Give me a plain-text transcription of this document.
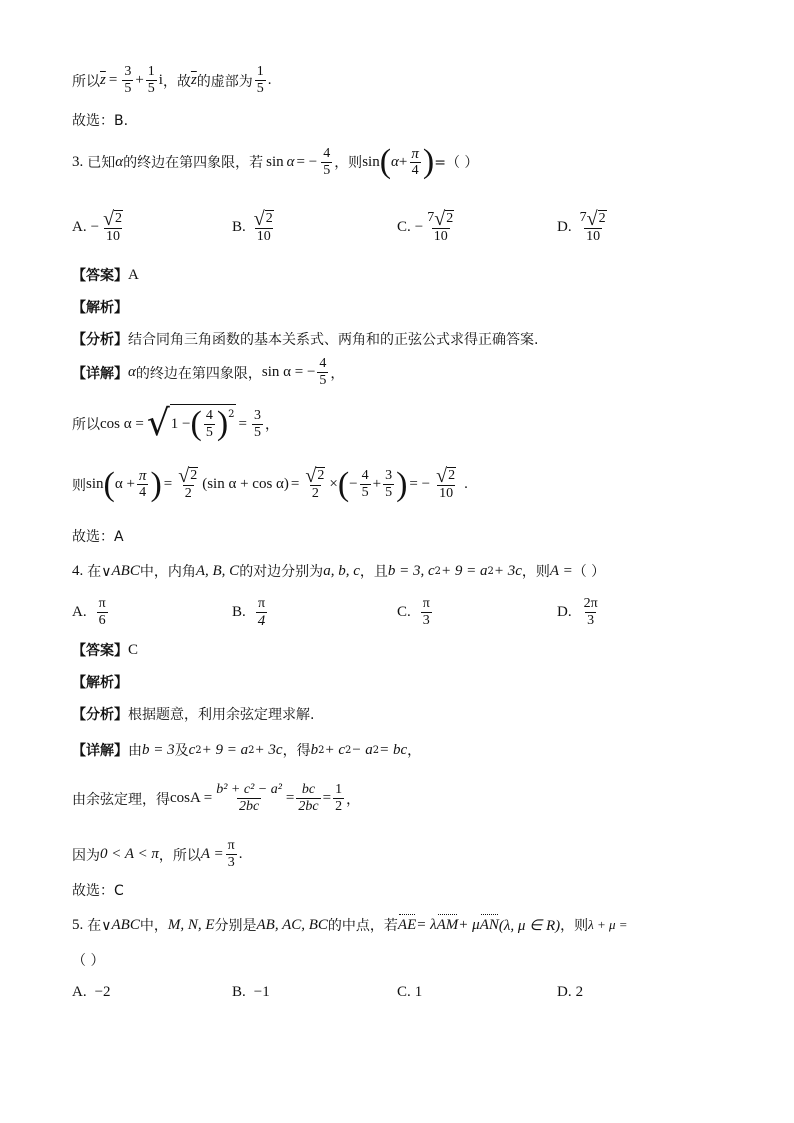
所以 $\overline{z} = \frac{3}{5} + \frac{1}{5}$ i ，故 $\overline{z}$ 的虚部为 $\frac{1}{5}$ .
故选：B.
3. 已知 α 的终边在第四象限，若 sin α = − $\frac{4}{5}$ ，则 sin ( $\alpha + \frac{\pi}{4}$ ) =（ ）
A. − $\frac{√ 2}{10}$	B. $\frac{√ 2}{10}$	C. − $\frac{7 √ 2}{10}$	D. $\frac{7 √ 2}{10}$
【答案】 A
【解析】
【分析】 结合同角三角函数的基本关系式、两角和的正弦公式求得正确答案.
【详解】 α 的终边在第四象限， sin α = − $\frac{4}{5}$ ，
所以 cos α = √ 1 − ( $\frac{4}{5} )^2$
= $\frac{3}{5}$ ，
则 sin ( $\alpha + \frac{\pi}{4}$ ) = $\frac{√ 2}{2} (\sin$ $\alpha + \cos \alpha) = \frac{√ 2}{2}$ × ( − $\frac{4}{5} + \frac{3}{5}$ ) = − $\frac{√ 2}{10}$ .
故选：A
4. 在∨ ABC 中，内角 A, B, C 的对边分别为 a, b, c ，且 b = 3, c 2 + 9 = a 2 + 3c ，则 A = （ ）
A. $\frac{\pi}{6}$	B. $\frac{\pi}{4}$	C. $\frac{\pi}{3}$	D. $\frac{2\pi}{3}$
【答案】 C
【解析】
【分析】 根据题意，利用余弦定理求解.
【详解】 由 b = 3 及 c 2 + 9 = a 2 + 3c ，得 b 2 + c 2 − a 2 = bc ，
由余弦定理，得 $\cos A = \frac{\text{b² + c² − a²}}{2bc} = \frac{bc}{2bc} = \frac{1}{2}$ ，
因为 0 < A < π ，所以 $A = \frac{\pi}{3}$ .
故选：C
5. 在∨ ABC 中， M, N, E 分别是 AB, AC, BC 的中点，若 AE = λ AM + μ AN (λ, μ ∈ R) ，则 λ + μ =
（ ）
A. −2	B. −1	C. 1	D. 2
